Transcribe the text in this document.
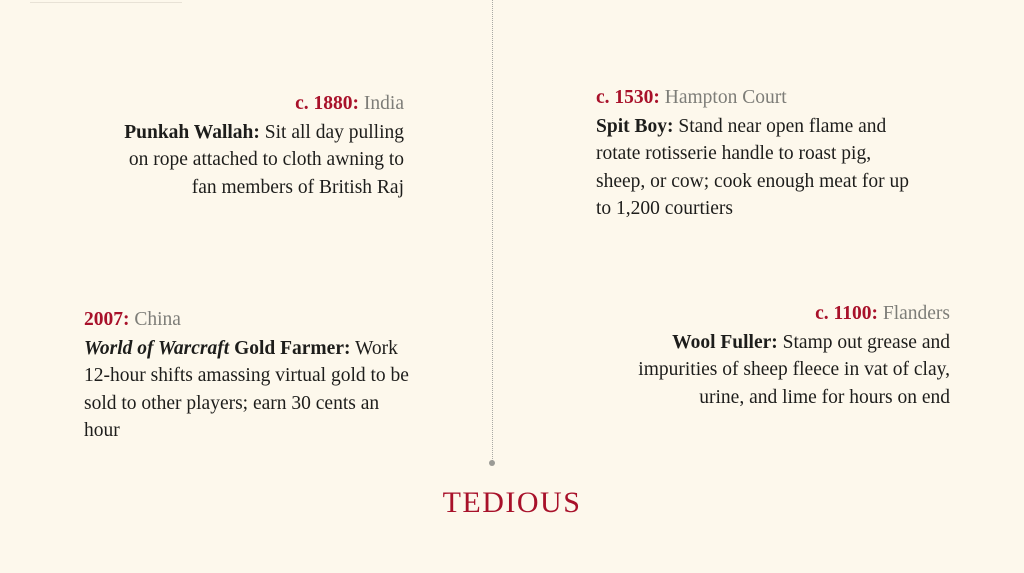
c. 1880: India

Punkah Wallah: Sit all day pulling on rope attached to cloth awning to fan members of British Raj

2007: China

World of Warcraft Gold Farmer: Work 12-hour shifts amassing virtual gold to be sold to other players; earn 30 cents an hour

c. 1530: Hampton Court

Spit Boy: Stand near open flame and rotate rotisserie handle to roast pig, sheep, or cow; cook enough meat for up to 1,200 courtiers

c. 1100: Flanders

Wool Fuller: Stamp out grease and impurities of sheep fleece in vat of clay, urine, and lime for hours on end

TEDIOUS
